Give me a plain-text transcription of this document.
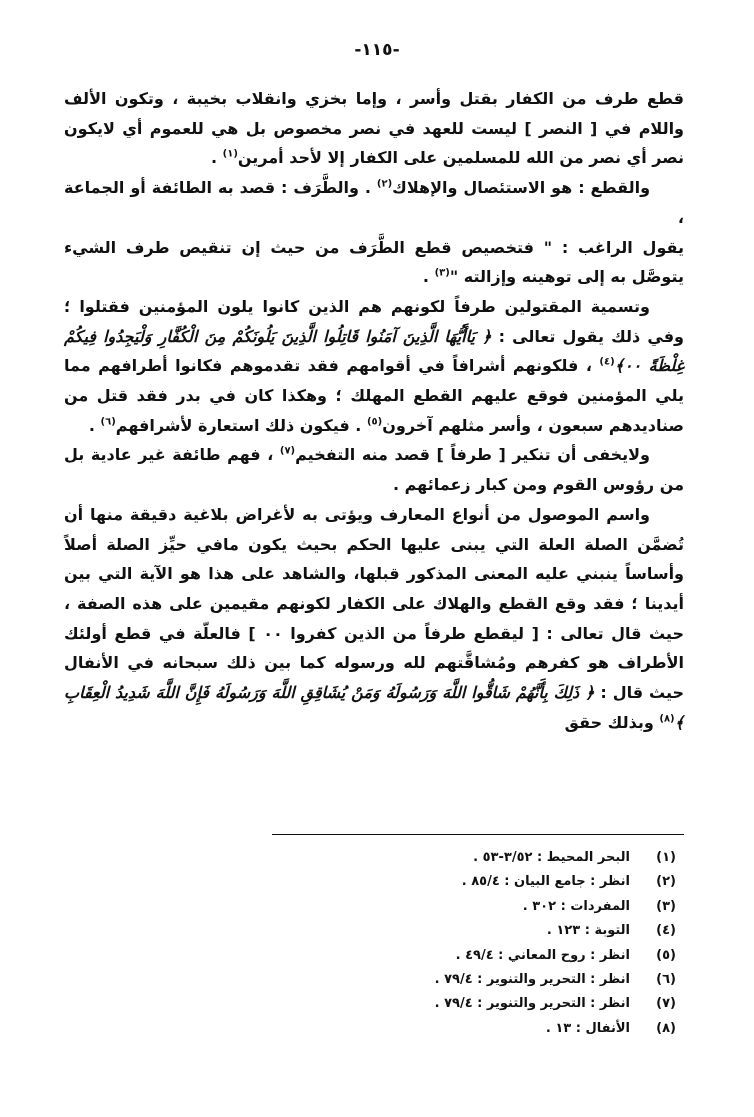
-١١٥-

قطع طرف من الكفار بقتل وأسر ، وإما بخزي وانقلاب بخيبة ، وتكون الألف واللام في [ النصر ] ليست للعهد في نصر مخصوص بل هي للعموم أي لايكون نصر أي نصر من الله للمسلمين على الكفار إلا لأحد أمرين$^{(١)}$ .

والقطع : هو الاستئصال والإهلاك$^{(٢)}$ . والطَّرَف : قصد به الطائفة أو الجماعة ،

يقول الراغب : " فتخصيص قطع الطَّرَف من حيث إن تنقيص طرف الشيء يتوصَّل به إلى توهينه وإزالته "$^{(٣)}$ .

وتسمية المقتولين طرفاً لكونهم هم الذين كانوا يلون المؤمنين فقتلوا ؛ وفي ذلك يقول تعالى : ﴿ يَاأَيُّهَا الَّذِينَ آمَنُوا قَاتِلُوا الَّذِينَ يَلُونَكُمْ مِنَ الْكُفَّارِ وَلْيَجِدُوا فِيكُمْ غِلْظَةً ٠٠﴾$^{(٤)}$ ، فلكونهم أشرافاً في أقوامهم فقد تقدموهم فكانوا أطرافهم مما يلي المؤمنين فوقع عليهم القطع المهلك ؛ وهكذا كان في بدر فقد قتل من صناديدهم سبعون ، وأسر مثلهم آخرون$^{(٥)}$ . فيكون ذلك استعارة لأشرافهم$^{(٦)}$ .

ولايخفى أن تنكير [ طرفاً ] قصد منه التفخيم$^{(٧)}$ ، فهم طائفة غير عادية بل من رؤوس القوم ومن كبار زعمائهم .

واسم الموصول من أنواع المعارف ويؤتى به لأغراض بلاغية دقيقة منها أن تُضمَّن الصلة العلة التي يبنى عليها الحكم بحيث يكون مافي حيِّز الصلة أصلاً وأساساً ينبني عليه المعنى المذكور قبلها، والشاهد على هذا هو الآية التي بين أيدينا ؛ فقد وقع القطع والهلاك على الكفار لكونهم مقيمين على هذه الصفة ، حيث قال تعالى : [ ليقطع طرفاً من الذين كفروا ٠٠ ] فالعلّة في قطع أولئك الأطراف هو كفرهم ومُشاقَّتهم لله ورسوله كما بين ذلك سبحانه في الأنفال حيث قال : ﴿ ذَلِكَ بِأَنَّهُمْ شَاقُّوا اللَّهَ وَرَسُولَهُ وَمَنْ يُشَاقِقِ اللَّهَ وَرَسُولَهُ فَإِنَّ اللَّهَ شَدِيدُ الْعِقَابِ ﴾$^{(٨)}$ وبذلك حقق

(١)
البحر المحيط : ٣/٥٢-٥٣ .
(٢)
انظر : جامع البيان : ٨٥/٤ .
(٣)
المفردات : ٣٠٢ .
(٤)
التوبة : ١٢٣ .
(٥)
انظر : روح المعاني : ٤٩/٤ .
(٦)
انظر : التحرير والتنوير : ٧٩/٤ .
(٧)
انظر : التحرير والتنوير : ٧٩/٤ .
(٨)
الأنفال : ١٣ .
